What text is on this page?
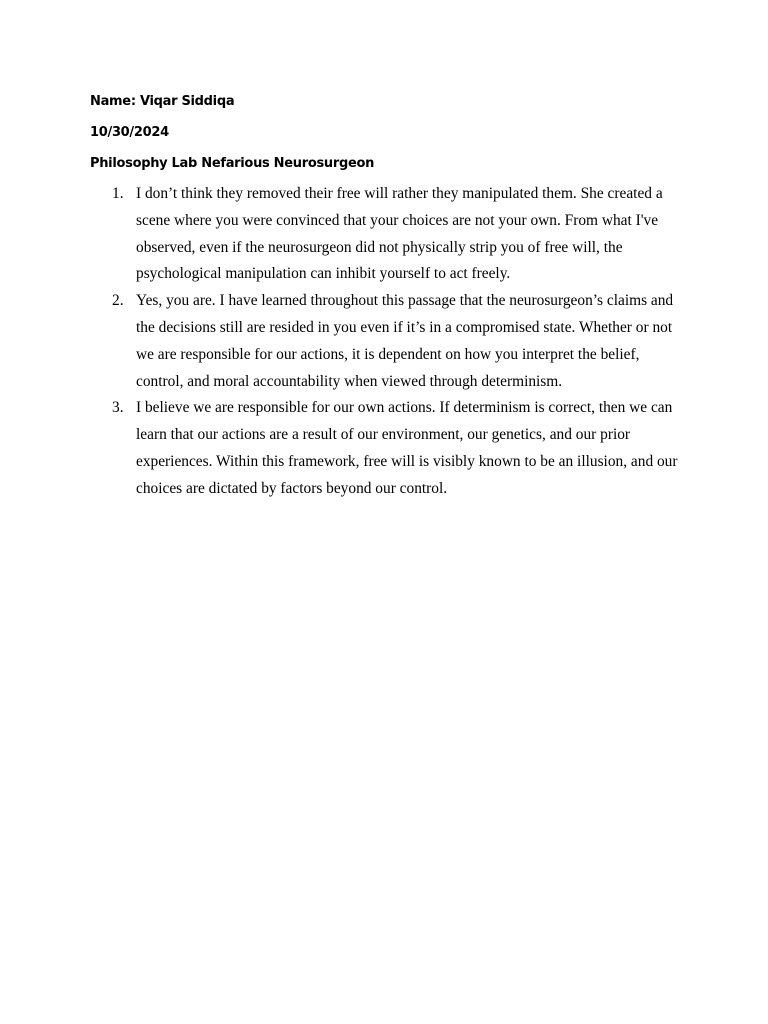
Name: Viqar Siddiqa
10/30/2024
Philosophy Lab Nefarious Neurosurgeon
1. I don’t think they removed their free will rather they manipulated them. She created a scene where you were convinced that your choices are not your own. From what I've observed, even if the neurosurgeon did not physically strip you of free will, the psychological manipulation can inhibit yourself to act freely.
2. Yes, you are. I have learned throughout this passage that the neurosurgeon’s claims and the decisions still are resided in you even if it’s in a compromised state. Whether or not we are responsible for our actions, it is dependent on how you interpret the belief, control, and moral accountability when viewed through determinism.
3. I believe we are responsible for our own actions. If determinism is correct, then we can learn that our actions are a result of our environment, our genetics, and our prior experiences. Within this framework, free will is visibly known to be an illusion, and our choices are dictated by factors beyond our control.
